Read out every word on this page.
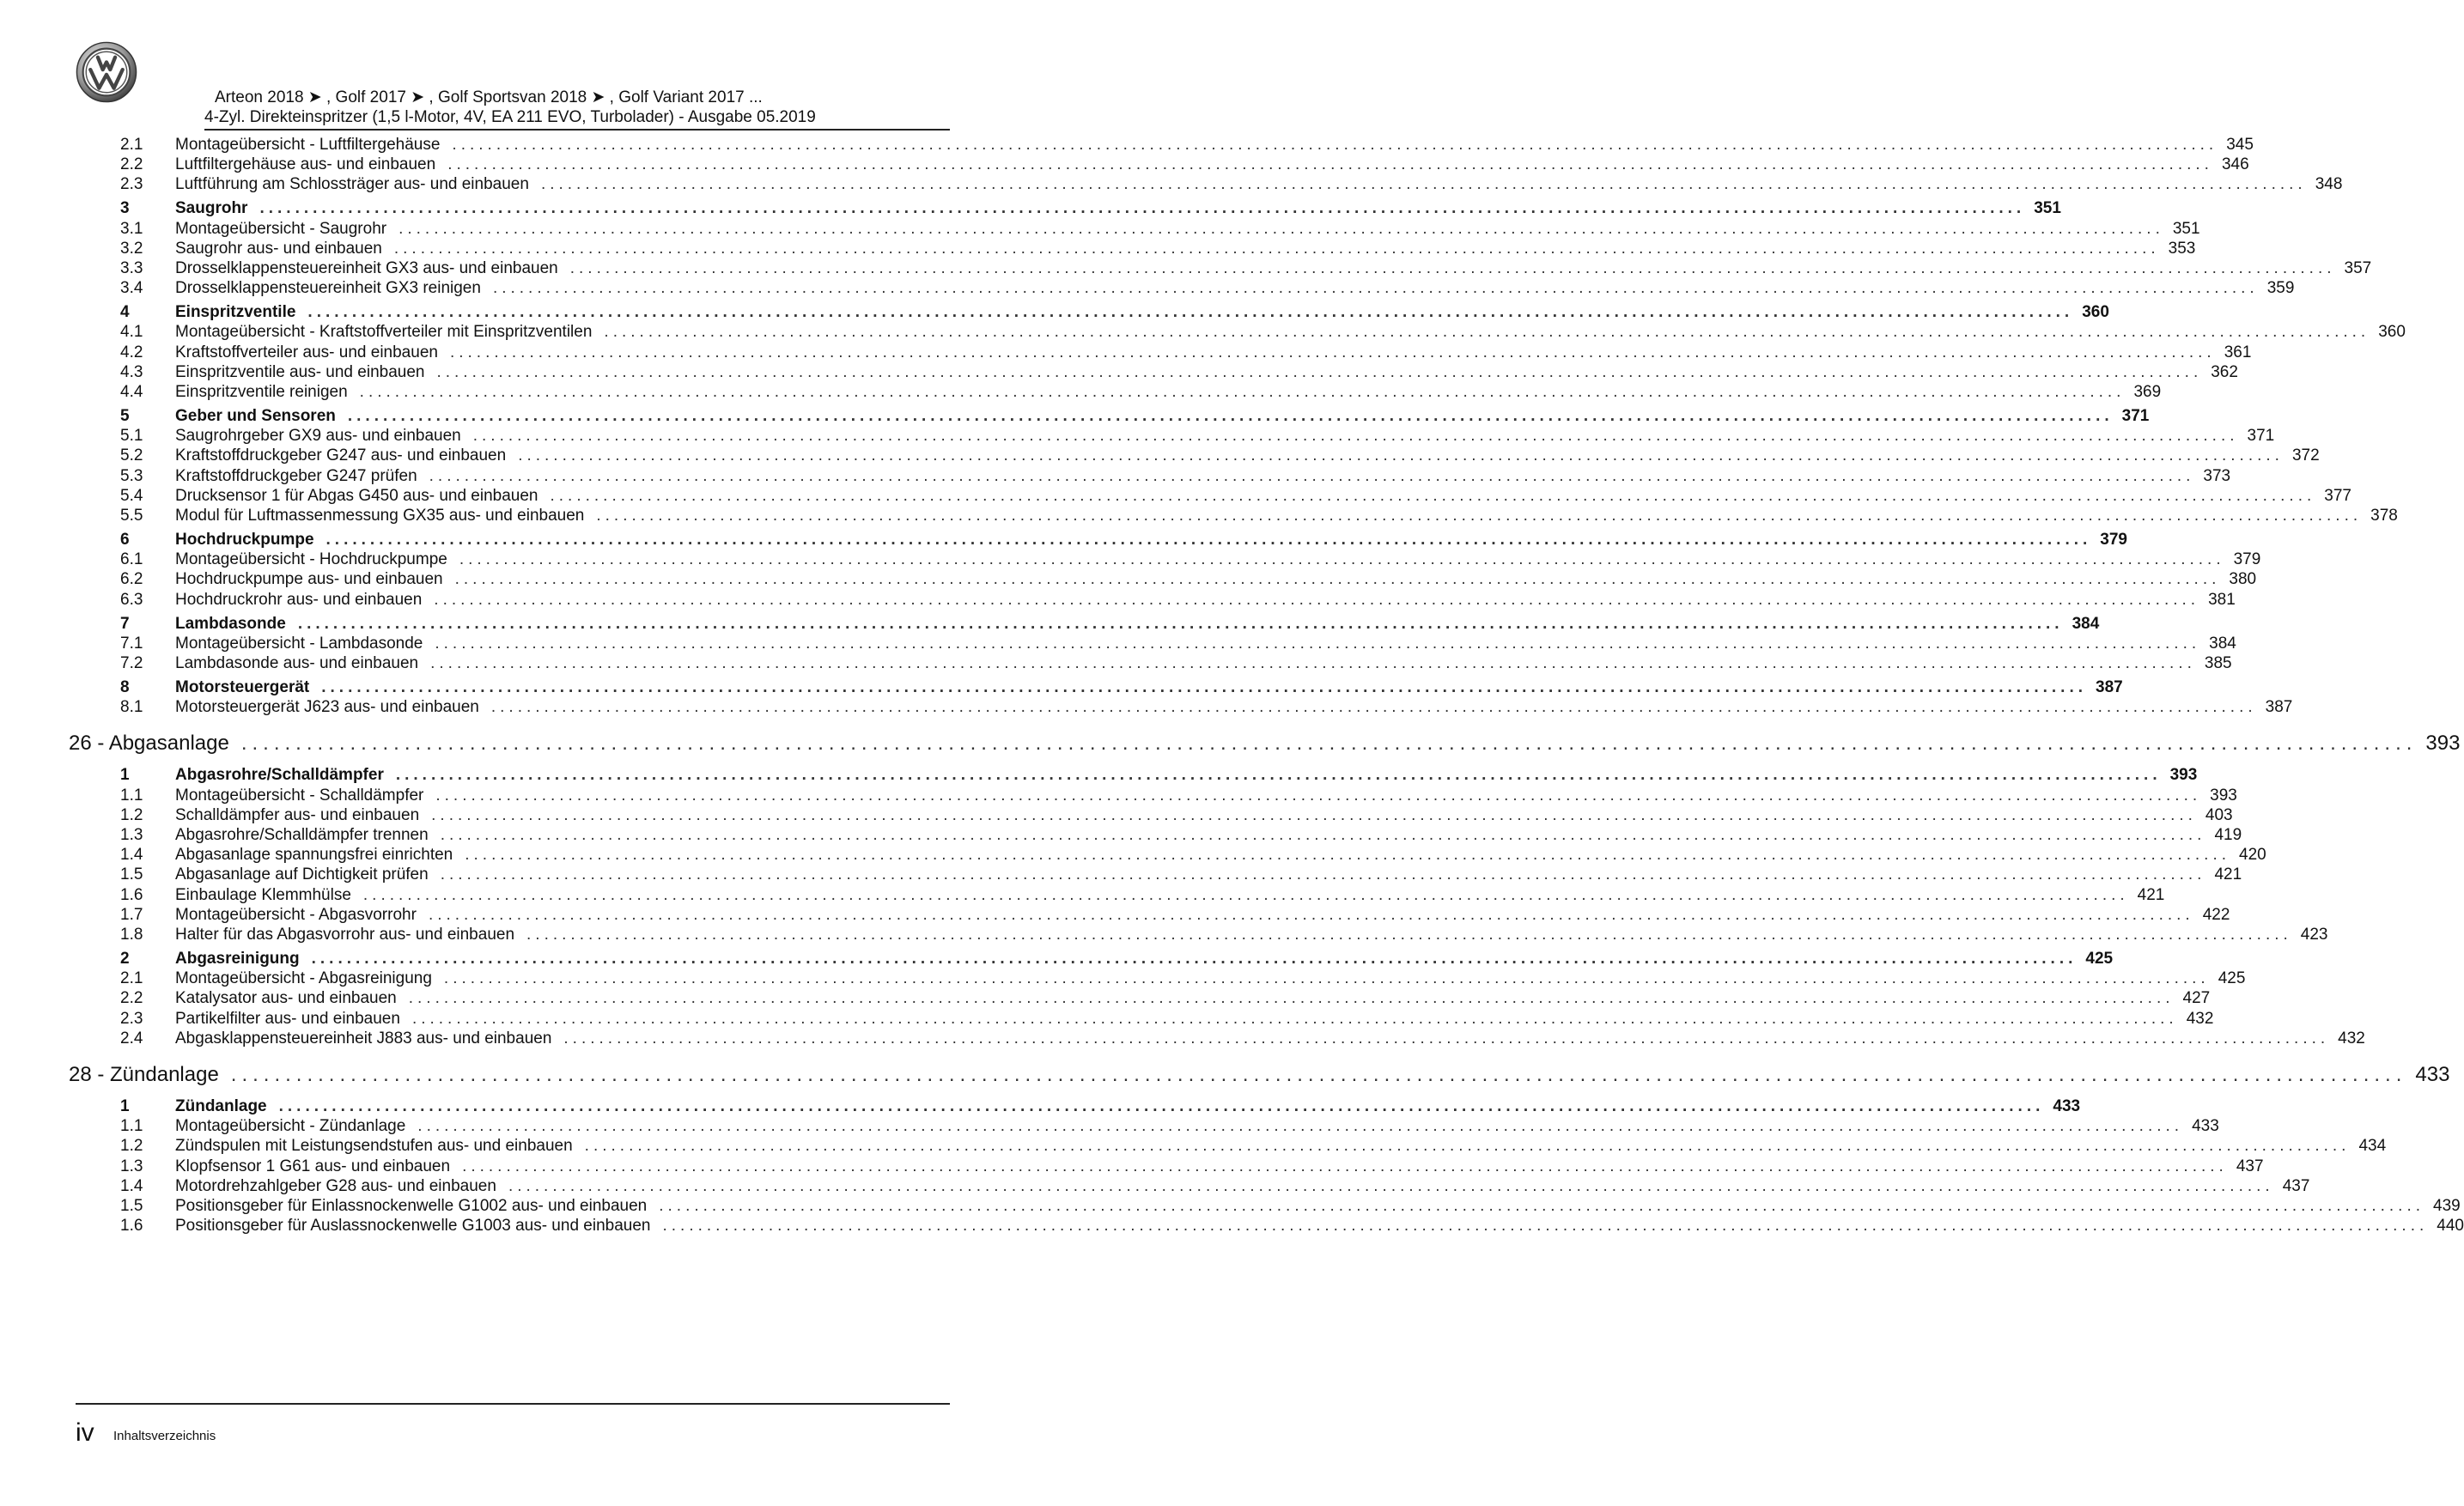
Arteon 2018 ➤ , Golf 2017 ➤ , Golf Sportsvan 2018 ➤ , Golf Variant 2017 ...
4-Zyl. Direkteinspritzer (1,5 l-Motor, 4V, EA 211 EVO, Turbolader) - Ausgabe 05.2019
2.1	Montageübersicht - Luftfiltergehäuse ........................................................................................................................................................................................................ 345
2.2	Luftfiltergehäuse aus- und einbauen ........................................................................................................................................................................................................ 346
2.3	Luftführung am Schlossträger aus- und einbauen ........................................................................................................................................................................................................ 348
3	Saugrohr ........................................................................................................................................................................................................ 351
3.1	Montageübersicht - Saugrohr ........................................................................................................................................................................................................ 351
3.2	Saugrohr aus- und einbauen ........................................................................................................................................................................................................ 353
3.3	Drosselklappensteuereinheit GX3 aus- und einbauen ........................................................................................................................................................................................................ 357
3.4	Drosselklappensteuereinheit GX3 reinigen ........................................................................................................................................................................................................ 359
4	Einspritzventile ........................................................................................................................................................................................................ 360
4.1	Montageübersicht - Kraftstoffverteiler mit Einspritzventilen ........................................................................................................................................................................................................ 360
4.2	Kraftstoffverteiler aus- und einbauen ........................................................................................................................................................................................................ 361
4.3	Einspritzventile aus- und einbauen ........................................................................................................................................................................................................ 362
4.4	Einspritzventile reinigen ........................................................................................................................................................................................................ 369
5	Geber und Sensoren ........................................................................................................................................................................................................ 371
5.1	Saugrohrgeber GX9 aus- und einbauen ........................................................................................................................................................................................................ 371
5.2	Kraftstoffdruckgeber G247 aus- und einbauen ........................................................................................................................................................................................................ 372
5.3	Kraftstoffdruckgeber G247 prüfen ........................................................................................................................................................................................................ 373
5.4	Drucksensor 1 für Abgas G450 aus- und einbauen ........................................................................................................................................................................................................ 377
5.5	Modul für Luftmassenmessung GX35 aus- und einbauen ........................................................................................................................................................................................................ 378
6	Hochdruckpumpe ........................................................................................................................................................................................................ 379
6.1	Montageübersicht - Hochdruckpumpe ........................................................................................................................................................................................................ 379
6.2	Hochdruckpumpe aus- und einbauen ........................................................................................................................................................................................................ 380
6.3	Hochdruckrohr aus- und einbauen ........................................................................................................................................................................................................ 381
7	Lambdasonde ........................................................................................................................................................................................................ 384
7.1	Montageübersicht - Lambdasonde ........................................................................................................................................................................................................ 384
7.2	Lambdasonde aus- und einbauen ........................................................................................................................................................................................................ 385
8	Motorsteuergerät ........................................................................................................................................................................................................ 387
8.1	Motorsteuergerät J623 aus- und einbauen ........................................................................................................................................................................................................ 387
26 - Abgasanlage ........................................................................................................................................................................................................ 393
1	Abgasrohre/Schalldämpfer ........................................................................................................................................................................................................ 393
1.1	Montageübersicht - Schalldämpfer ........................................................................................................................................................................................................ 393
1.2	Schalldämpfer aus- und einbauen ........................................................................................................................................................................................................ 403
1.3	Abgasrohre/Schalldämpfer trennen ........................................................................................................................................................................................................ 419
1.4	Abgasanlage spannungsfrei einrichten ........................................................................................................................................................................................................ 420
1.5	Abgasanlage auf Dichtigkeit prüfen ........................................................................................................................................................................................................ 421
1.6	Einbaulage Klemmhülse ........................................................................................................................................................................................................ 421
1.7	Montageübersicht - Abgasvorrohr ........................................................................................................................................................................................................ 422
1.8	Halter für das Abgasvorrohr aus- und einbauen ........................................................................................................................................................................................................ 423
2	Abgasreinigung ........................................................................................................................................................................................................ 425
2.1	Montageübersicht - Abgasreinigung ........................................................................................................................................................................................................ 425
2.2	Katalysator aus- und einbauen ........................................................................................................................................................................................................ 427
2.3	Partikelfilter aus- und einbauen ........................................................................................................................................................................................................ 432
2.4	Abgasklappensteuereinheit J883 aus- und einbauen ........................................................................................................................................................................................................ 432
28 - Zündanlage ........................................................................................................................................................................................................ 433
1	Zündanlage ........................................................................................................................................................................................................ 433
1.1	Montageübersicht - Zündanlage ........................................................................................................................................................................................................ 433
1.2	Zündspulen mit Leistungsendstufen aus- und einbauen ........................................................................................................................................................................................................ 434
1.3	Klopfsensor 1 G61 aus- und einbauen ........................................................................................................................................................................................................ 437
1.4	Motordrehzahlgeber G28 aus- und einbauen ........................................................................................................................................................................................................ 437
1.5	Positionsgeber für Einlassnockenwelle G1002 aus- und einbauen ........................................................................................................................................................................................................ 439
1.6	Positionsgeber für Auslassnockenwelle G1003 aus- und einbauen ........................................................................................................................................................................................................ 440
iv Inhaltsverzeichnis
